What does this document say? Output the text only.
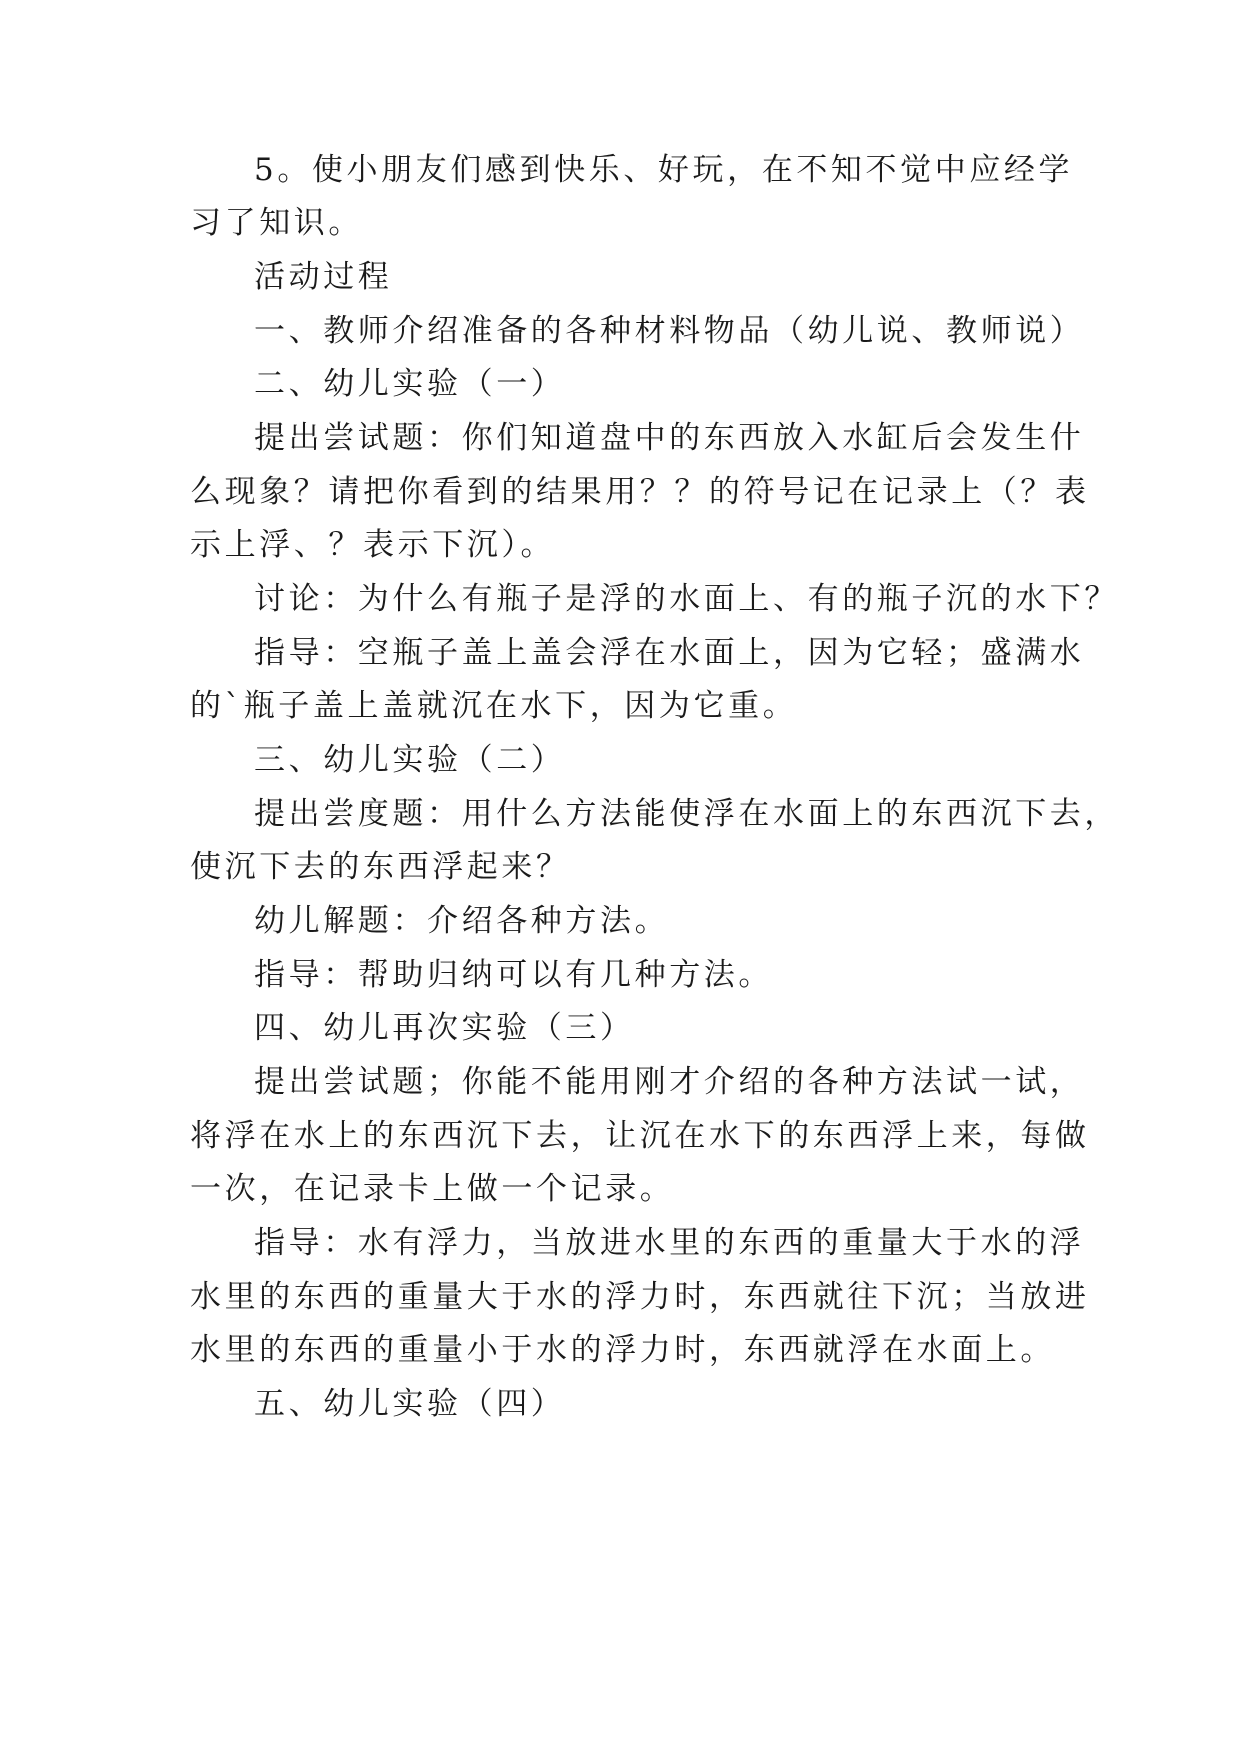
5。使小朋友们感到快乐、好玩，在不知不觉中应经学
习了知识。
活动过程
一、教师介绍准备的各种材料物品（幼儿说、教师说）
二、幼儿实验（一）
提出尝试题：你们知道盘中的东西放入水缸后会发生什
么现象？请把你看到的结果用？？的符号记在记录上（？表
示上浮、？表示下沉）。
讨论：为什么有瓶子是浮的水面上、有的瓶子沉的水下？
指导：空瓶子盖上盖会浮在水面上，因为它轻；盛满水
的`瓶子盖上盖就沉在水下，因为它重。
三、幼儿实验（二）
提出尝度题：用什么方法能使浮在水面上的东西沉下去，
使沉下去的东西浮起来？
幼儿解题：介绍各种方法。
指导：帮助归纳可以有几种方法。
四、幼儿再次实验（三）
提出尝试题；你能不能用刚才介绍的各种方法试一试，
将浮在水上的东西沉下去，让沉在水下的东西浮上来，每做
一次，在记录卡上做一个记录。
指导：水有浮力，当放进水里的东西的重量大于水的浮
水里的东西的重量大于水的浮力时，东西就往下沉；当放进
水里的东西的重量小于水的浮力时，东西就浮在水面上。
五、幼儿实验（四）
